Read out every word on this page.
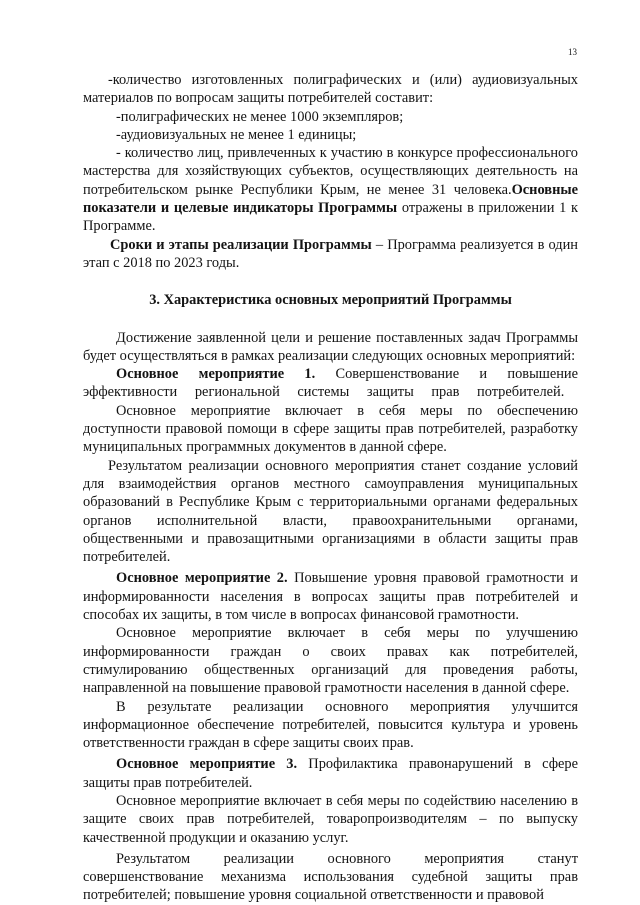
13

-количество изготовленных полиграфических и (или) аудиовизуальных материалов по вопросам защиты потребителей составит:

-полиграфических не менее 1000 экземпляров;

-аудиовизуальных не менее 1 единицы;

- количество лиц, привлеченных к участию в конкурсе профессионального мастерства для хозяйствующих субъектов, осуществляющих деятельность на потребительском рынке Республики Крым, не менее 31 человека.Основные показатели и целевые индикаторы Программы отражены в приложении 1 к Программе.

Сроки и этапы реализации Программы – Программа реализуется в один этап с 2018 по 2023 годы.

3. Характеристика основных мероприятий Программы

Достижение заявленной цели и решение поставленных задач Программы будет осуществляться в рамках реализации следующих основных мероприятий:

Основное мероприятие 1. Совершенствование и повышение эффективности региональной системы защиты прав потребителей.

Основное мероприятие включает в себя меры по обеспечению доступности правовой помощи в сфере защиты прав потребителей, разработку муниципальных программных документов в данной сфере.

Результатом реализации основного мероприятия станет создание условий для взаимодействия органов местного самоуправления муниципальных образований в Республике Крым с территориальными органами федеральных органов исполнительной власти, правоохранительными органами, общественными и правозащитными организациями в области защиты прав потребителей.

Основное мероприятие 2. Повышение уровня правовой грамотности и информированности населения в вопросах защиты прав потребителей и способах их защиты, в том числе в вопросах финансовой грамотности.

Основное мероприятие включает в себя меры по улучшению информированности граждан о своих правах как потребителей, стимулированию общественных организаций для проведения работы, направленной на повышение правовой грамотности населения в данной сфере.

В результате реализации основного мероприятия улучшится информационное обеспечение потребителей, повысится культура и уровень ответственности граждан в сфере защиты своих прав.

Основное мероприятие 3. Профилактика правонарушений в сфере защиты прав потребителей.

Основное мероприятие включает в себя меры по содействию населению в защите своих прав потребителей, товаропроизводителям – по выпуску качественной продукции и оказанию услуг.

Результатом реализации основного мероприятия станут совершенствование механизма использования судебной защиты прав потребителей; повышение уровня социальной ответственности и правовой
